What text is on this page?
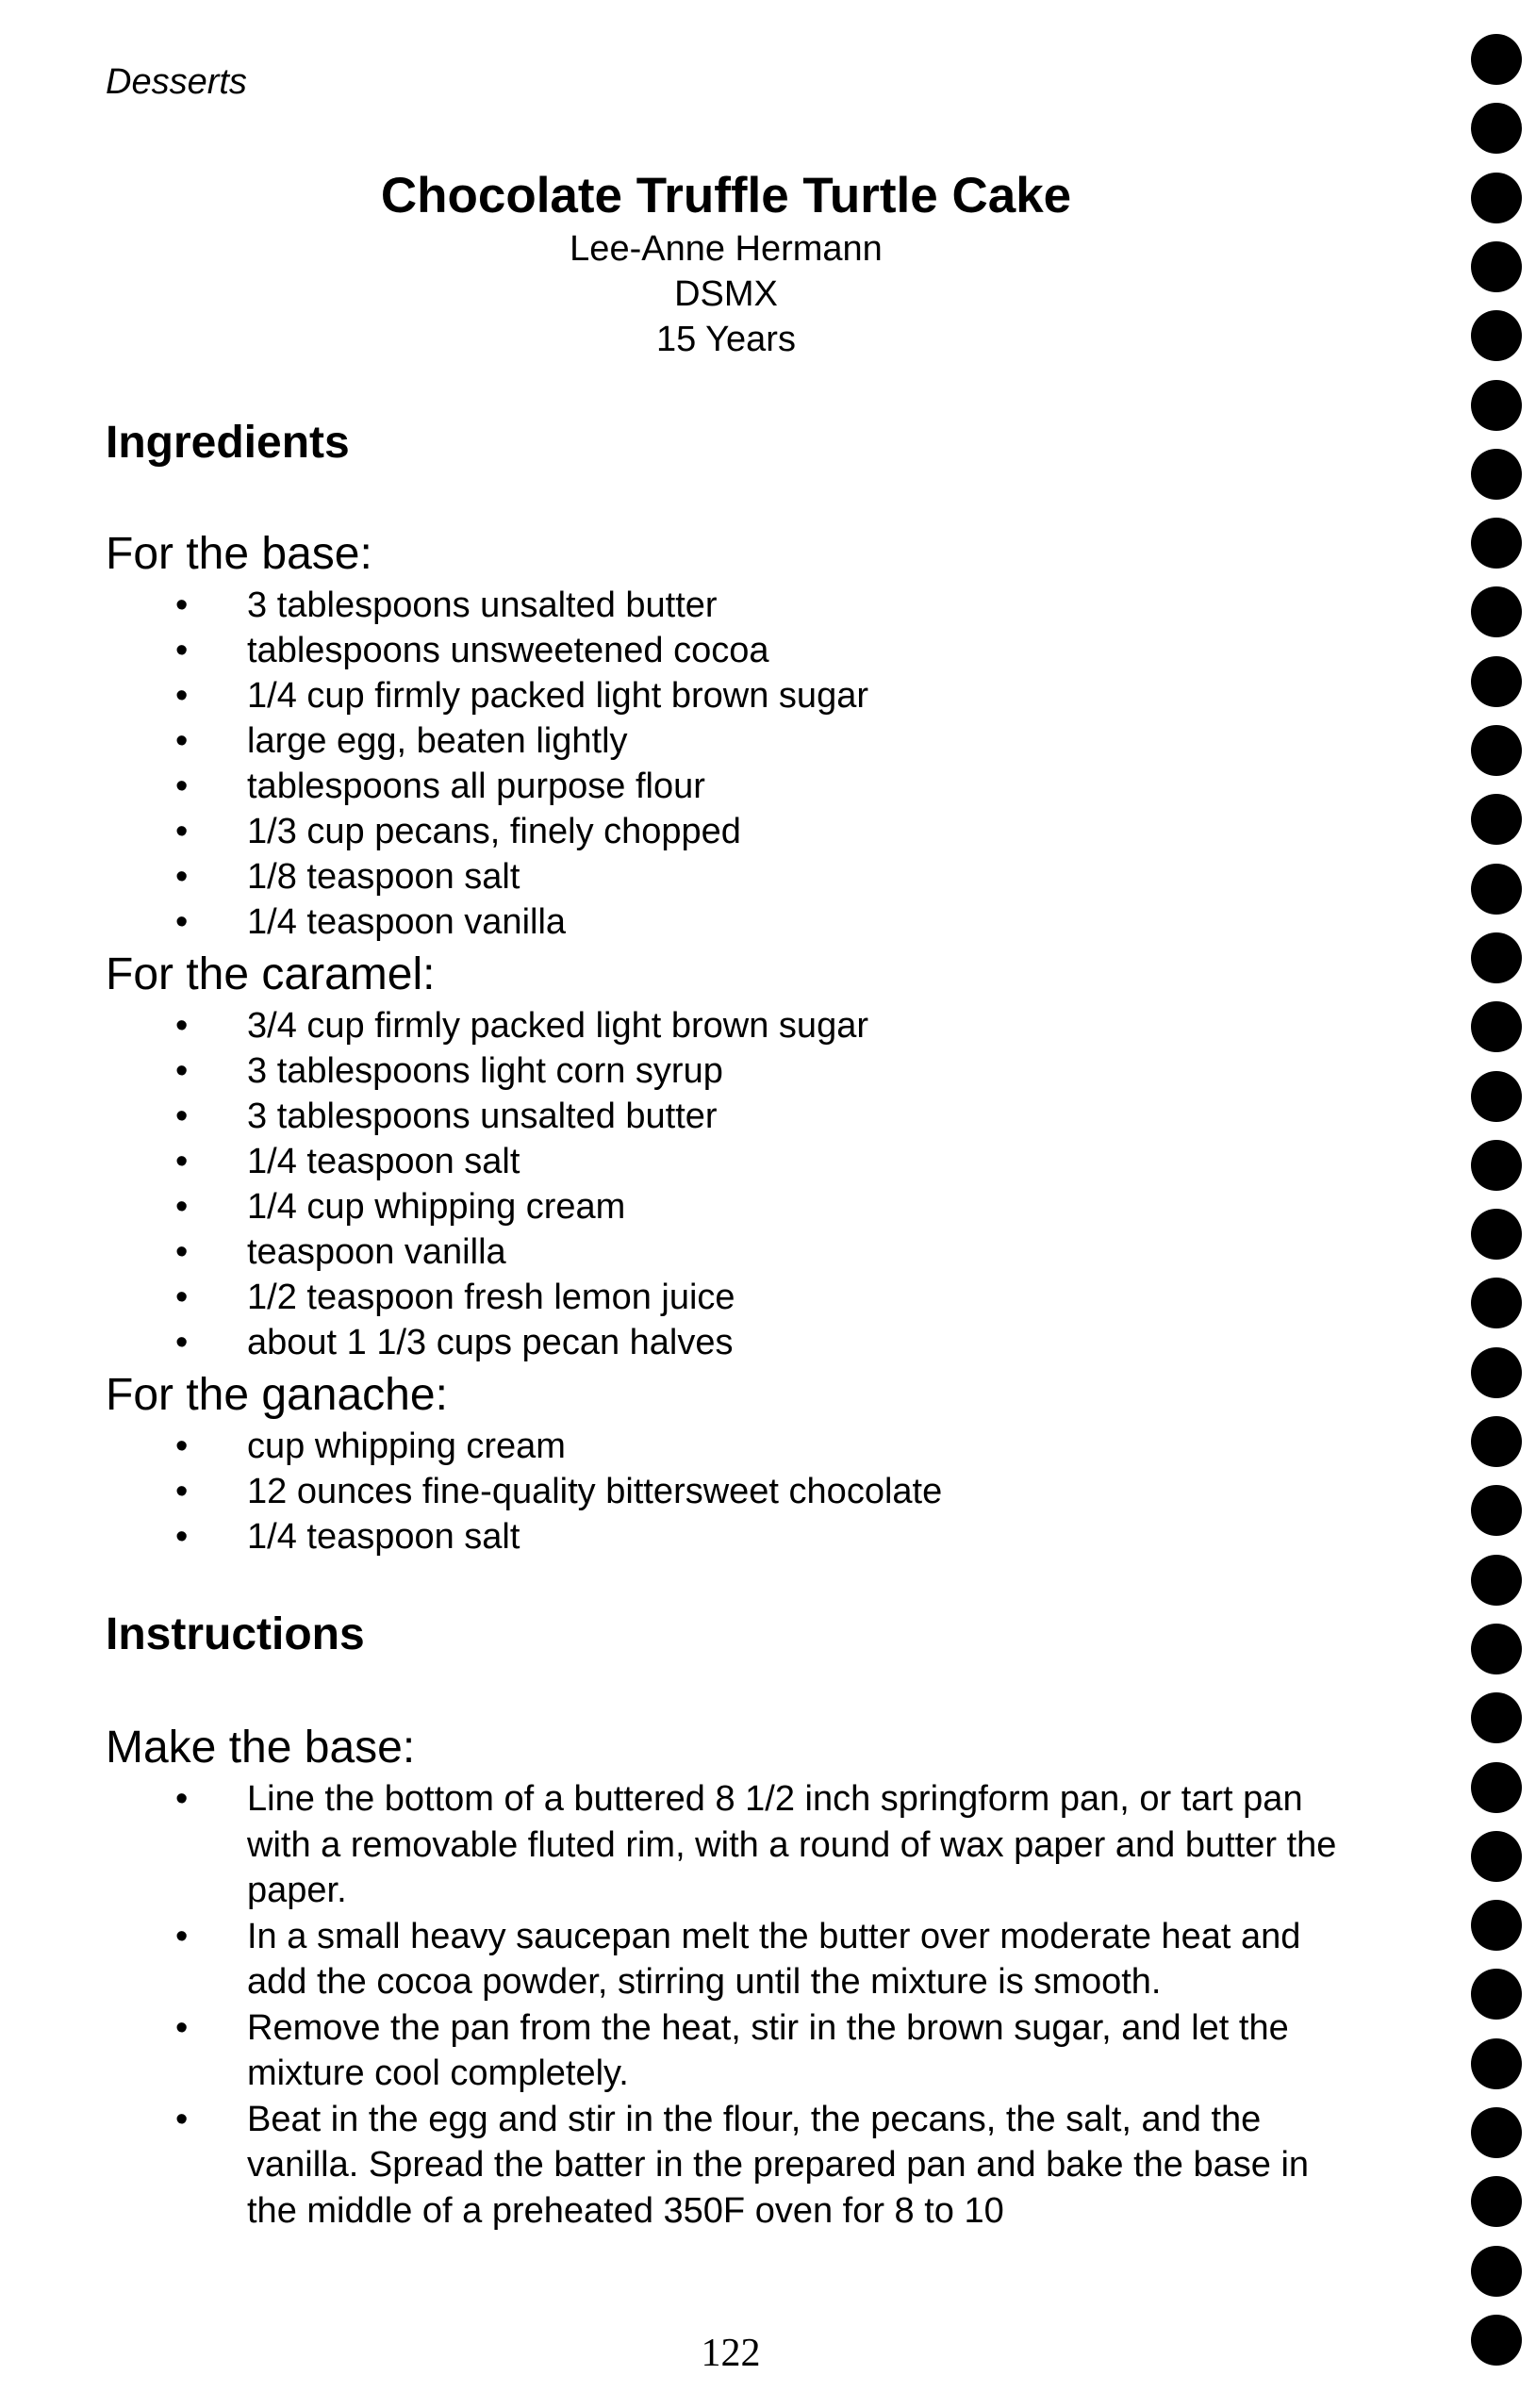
Desserts
Chocolate Truffle Turtle Cake
Lee-Anne Hermann
DSMX
15 Years
Ingredients
For the base:
• 3 tablespoons unsalted butter
• tablespoons unsweetened cocoa
• 1/4 cup firmly packed light brown sugar
• large egg, beaten lightly
• tablespoons all purpose flour
• 1/3 cup pecans, finely chopped
• 1/8 teaspoon salt
• 1/4 teaspoon vanilla
For the caramel:
• 3/4 cup firmly packed light brown sugar
• 3 tablespoons light corn syrup
• 3 tablespoons unsalted butter
• 1/4 teaspoon salt
• 1/4 cup whipping cream
• teaspoon vanilla
• 1/2 teaspoon fresh lemon juice
• about 1 1/3 cups pecan halves
For the ganache:
• cup whipping cream
• 12 ounces fine-quality bittersweet chocolate
• 1/4 teaspoon salt
Instructions
Make the base:
• Line the bottom of a buttered 8 1/2 inch springform pan, or tart pan with a removable fluted rim, with a round of wax paper and butter the paper.
• In a small heavy saucepan melt the butter over moderate heat and add the cocoa powder, stirring until the mixture is smooth.
• Remove the pan from the heat, stir in the brown sugar, and let the mixture cool completely.
• Beat in the egg and stir in the flour, the pecans, the salt, and the vanilla. Spread the batter in the prepared pan and bake the base in the middle of a preheated 350F oven for 8 to 10
122
